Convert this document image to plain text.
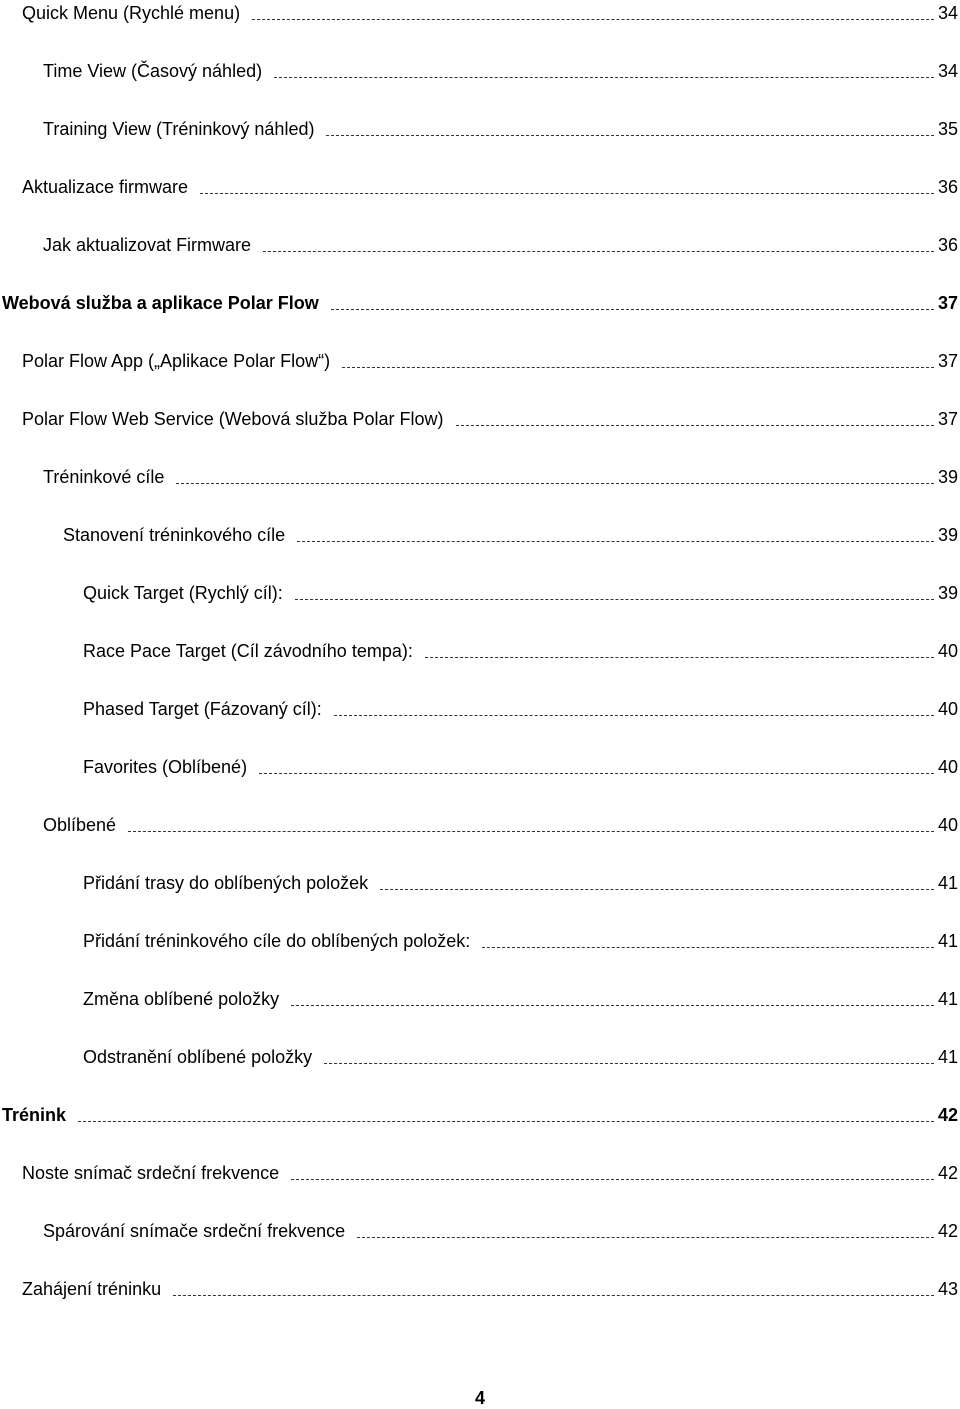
Quick Menu (Rychlé menu)	34
Time View (Časový náhled)	34
Training View (Tréninkový náhled)	35
Aktualizace firmware	36
Jak aktualizovat Firmware	36
Webová služba a aplikace Polar Flow	37
Polar Flow App („Aplikace Polar Flow“)	37
Polar Flow Web Service (Webová služba Polar Flow)	37
Tréninkové cíle	39
Stanovení tréninkového cíle	39
Quick Target (Rychlý cíl):	39
Race Pace Target (Cíl závodního tempa):	40
Phased Target (Fázovaný cíl):	40
Favorites (Oblíbené)	40
Oblíbené	40
Přidání trasy do oblíbených položek	41
Přidání tréninkového cíle do oblíbených položek:	41
Změna oblíbené položky	41
Odstranění oblíbené položky	41
Trénink	42
Noste snímač srdeční frekvence	42
Spárování snímače srdeční frekvence	42
Zahájení tréninku	43
4
